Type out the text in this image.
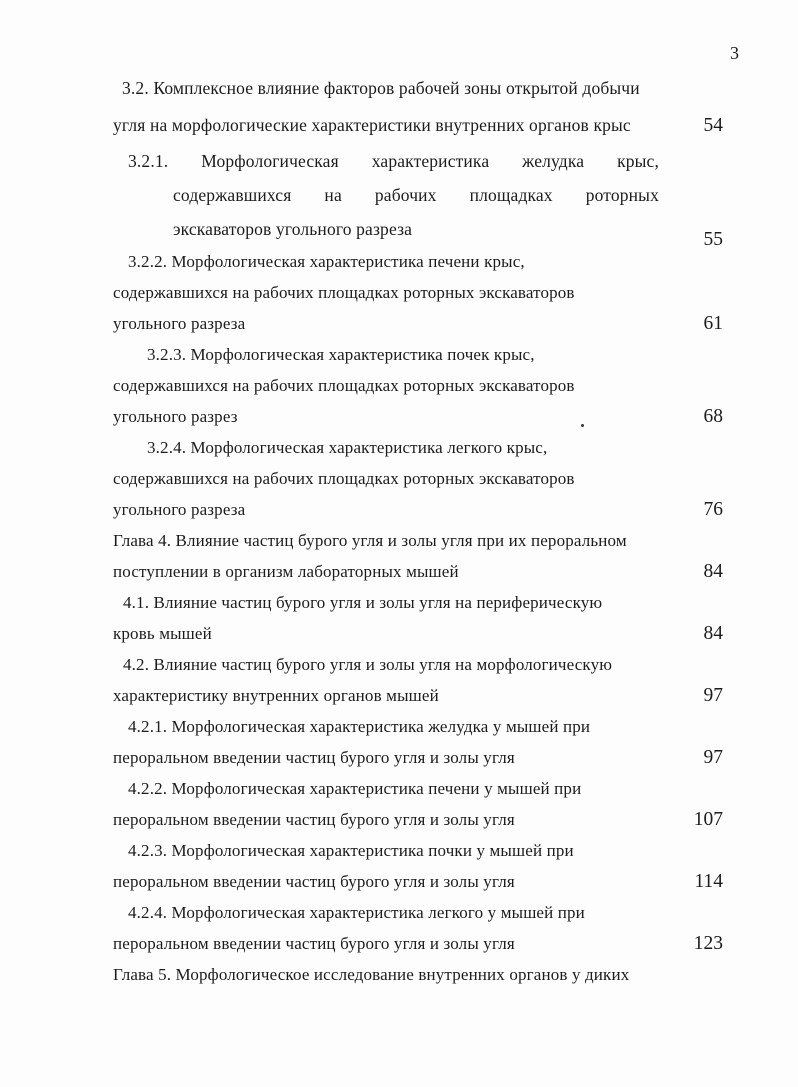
3
3.2. Комплексное влияние факторов рабочей зоны открытой добычи
угля на морфологические характеристики внутренних органов крыс	54
3.2.1. Морфологическая характеристика желудка крыс,
содержавшихся на рабочих площадках роторных
экскаваторов угольного разреза	55
3.2.2. Морфологическая характеристика печени крыс,
содержавшихся на рабочих площадках роторных экскаваторов
угольного разреза	61
3.2.3. Морфологическая характеристика почек крыс,
содержавшихся на рабочих площадках роторных экскаваторов
угольного разрез	68
3.2.4. Морфологическая характеристика легкого крыс,
содержавшихся на рабочих площадках роторных экскаваторов
угольного разреза	76
Глава 4. Влияние частиц бурого угля и золы угля при их пероральном
поступлении в организм лабораторных мышей	84
4.1. Влияние частиц бурого угля и золы угля на периферическую
кровь мышей	84
4.2. Влияние частиц бурого угля и золы угля на морфологическую
характеристику внутренних органов мышей	97
4.2.1. Морфологическая характеристика желудка у мышей при
пероральном введении частиц бурого угля и золы угля	97
4.2.2. Морфологическая характеристика печени у мышей при
пероральном введении частиц бурого угля и золы угля	107
4.2.3. Морфологическая характеристика почки у мышей при
пероральном введении частиц бурого угля и золы угля	114
4.2.4. Морфологическая характеристика легкого у мышей при
пероральном введении частиц бурого угля и золы угля	123
Глава 5. Морфологическое исследование внутренних органов у диких
